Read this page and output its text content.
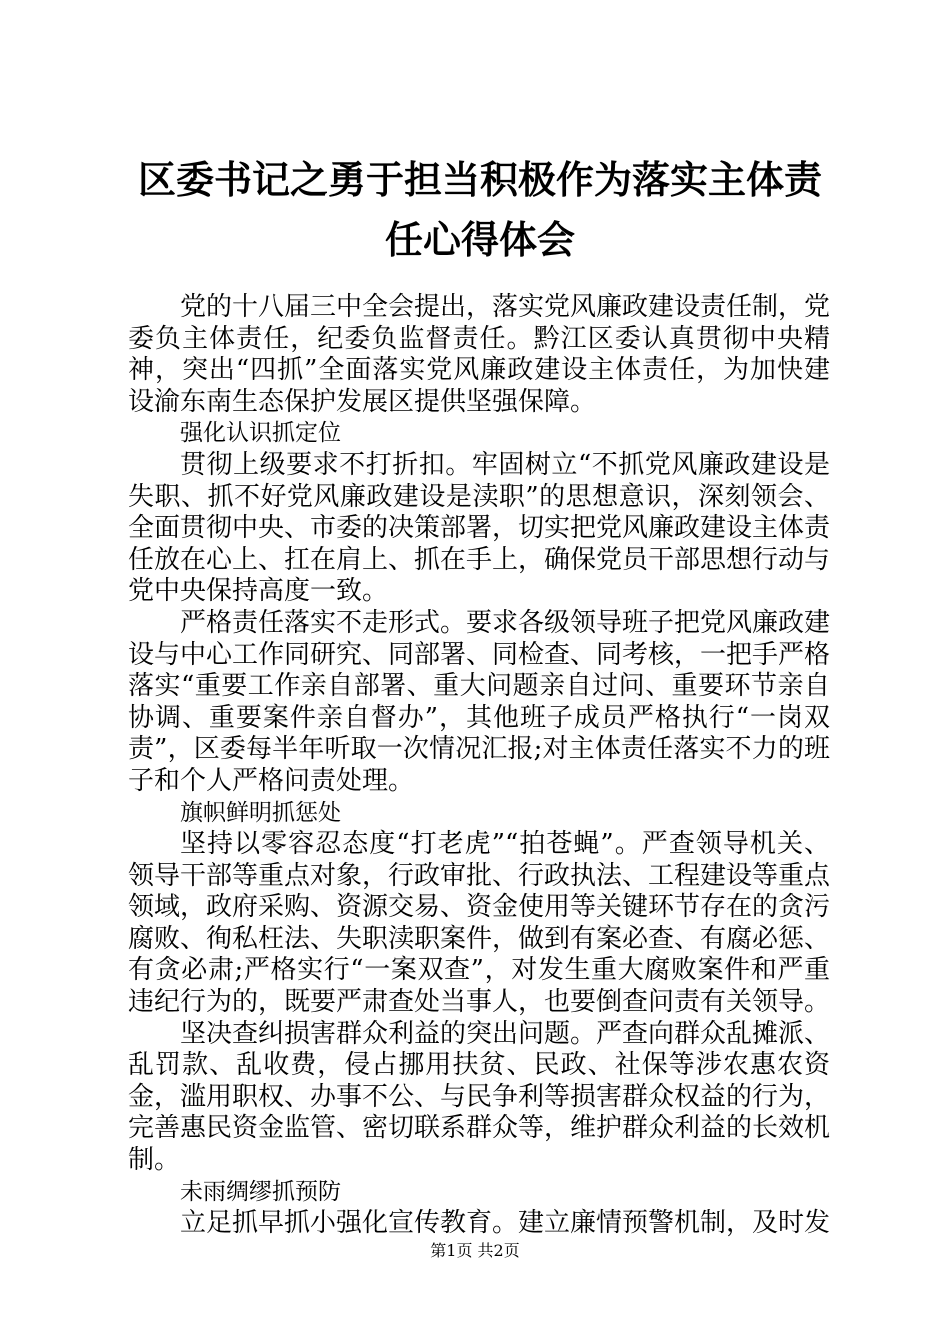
区委书记之勇于担当积极作为落实主体责任心得体会

党的十八届三中全会提出，落实党风廉政建设责任制，党委负主体责任，纪委负监督责任。黔江区委认真贯彻中央精神，突出“四抓”全面落实党风廉政建设主体责任，为加快建设渝东南生态保护发展区提供坚强保障。

强化认识抓定位

贯彻上级要求不打折扣。牢固树立“不抓党风廉政建设是失职、抓不好党风廉政建设是渎职”的思想意识，深刻领会、全面贯彻中央、市委的决策部署，切实把党风廉政建设主体责任放在心上、扛在肩上、抓在手上，确保党员干部思想行动与党中央保持高度一致。

严格责任落实不走形式。要求各级领导班子把党风廉政建设与中心工作同研究、同部署、同检查、同考核，一把手严格落实“重要工作亲自部署、重大问题亲自过问、重要环节亲自协调、重要案件亲自督办”，其他班子成员严格执行“一岗双责”，区委每半年听取一次情况汇报;对主体责任落实不力的班子和个人严格问责处理。

旗帜鲜明抓惩处

坚持以零容忍态度“打老虎”“拍苍蝇”。严查领导机关、领导干部等重点对象，行政审批、行政执法、工程建设等重点领域，政府采购、资源交易、资金使用等关键环节存在的贪污腐败、徇私枉法、失职渎职案件，做到有案必查、有腐必惩、有贪必肃;严格实行“一案双查”，对发生重大腐败案件和严重违纪行为的，既要严肃查处当事人，也要倒查问责有关领导。

坚决查纠损害群众利益的突出问题。严查向群众乱摊派、乱罚款、乱收费，侵占挪用扶贫、民政、社保等涉农惠农资金，滥用职权、办事不公、与民争利等损害群众权益的行为，完善惠民资金监管、密切联系群众等，维护群众利益的长效机制。

未雨绸缪抓预防

立足抓早抓小强化宣传教育。建立廉情预警机制，及时发

第1页 共2页
